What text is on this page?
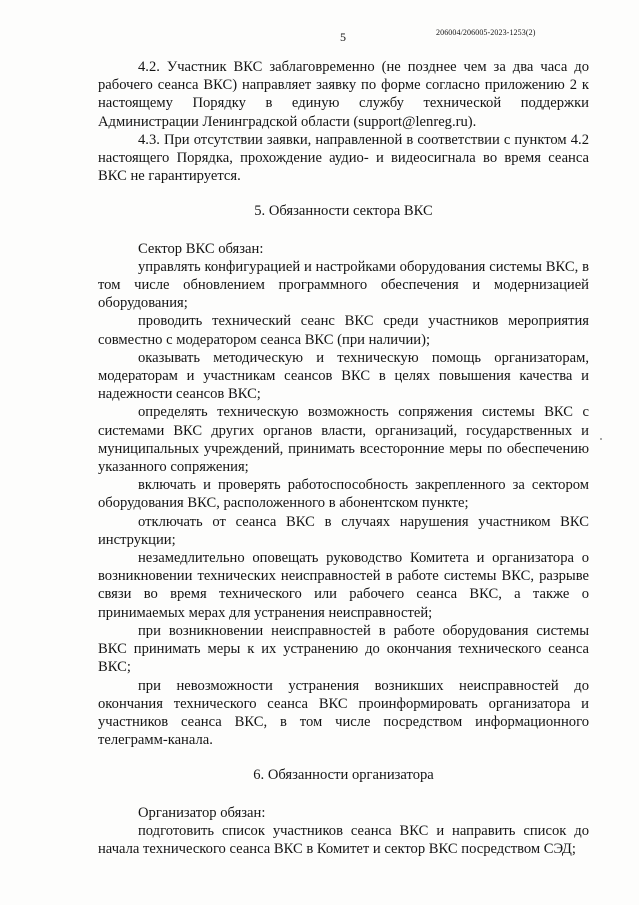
5	206004/206005-2023-1253(2)

4.2. Участник ВКС заблаговременно (не позднее чем за два часа до рабочего сеанса ВКС) направляет заявку по форме согласно приложению 2 к настоящему Порядку в единую службу технической поддержки Администрации Ленинградской области (support@lenreg.ru).

4.3. При отсутствии заявки, направленной в соответствии с пунктом 4.2 настоящего Порядка, прохождение аудио- и видеосигнала во время сеанса ВКС не гарантируется.

5. Обязанности сектора ВКС

Сектор ВКС обязан:

управлять конфигурацией и настройками оборудования системы ВКС, в том числе обновлением программного обеспечения и модернизацией оборудования;

проводить технический сеанс ВКС среди участников мероприятия совместно с модератором сеанса ВКС (при наличии);

оказывать методическую и техническую помощь организаторам, модераторам и участникам сеансов ВКС в целях повышения качества и надежности сеансов ВКС;

определять техническую возможность сопряжения системы ВКС с системами ВКС других органов власти, организаций, государственных и муниципальных учреждений, принимать всесторонние меры по обеспечению указанного сопряжения;

включать и проверять работоспособность закрепленного за сектором оборудования ВКС, расположенного в абонентском пункте;

отключать от сеанса ВКС в случаях нарушения участником ВКС инструкции;

незамедлительно оповещать руководство Комитета и организатора о возникновении технических неисправностей в работе системы ВКС, разрыве связи во время технического или рабочего сеанса ВКС, а также о принимаемых мерах для устранения неисправностей;

при возникновении неисправностей в работе оборудования системы ВКС принимать меры к их устранению до окончания технического сеанса ВКС;

при невозможности устранения возникших неисправностей до окончания технического сеанса ВКС проинформировать организатора и участников сеанса ВКС, в том числе посредством информационного телеграмм-канала.

6. Обязанности организатора

Организатор обязан:

подготовить список участников сеанса ВКС и направить список до начала технического сеанса ВКС в Комитет и сектор ВКС посредством СЭД;
